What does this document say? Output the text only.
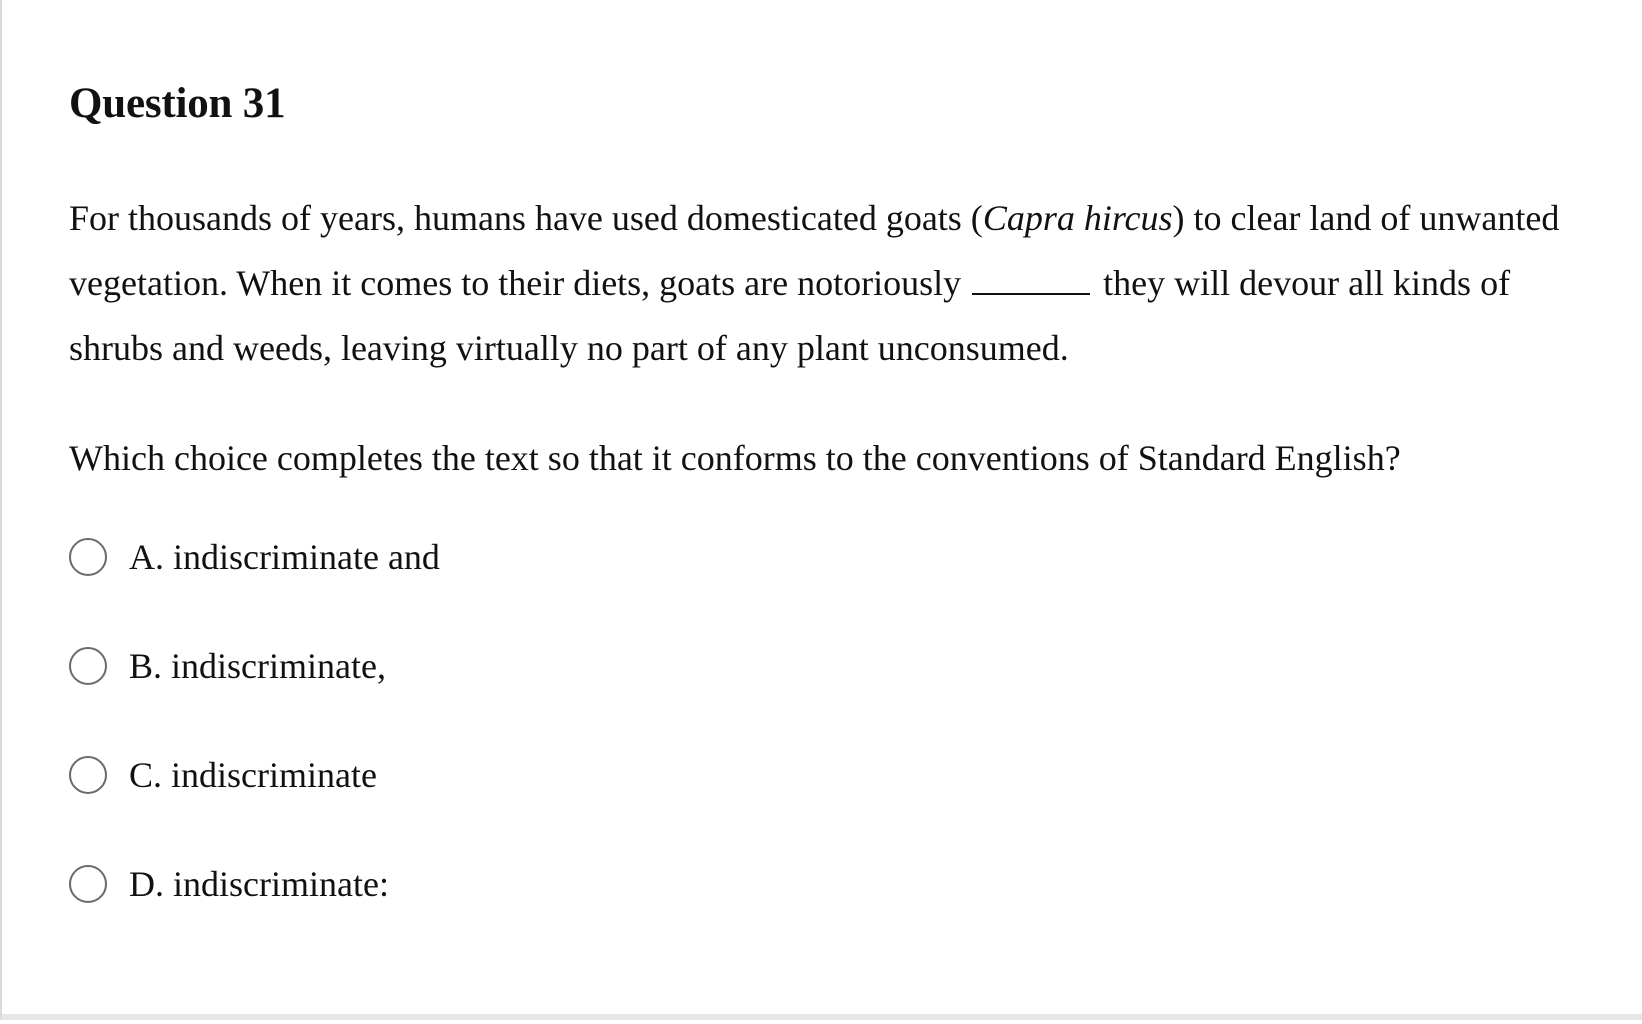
Question 31

For thousands of years, humans have used domesticated goats (Capra hircus) to clear land of unwanted vegetation. When it comes to their diets, goats are notoriously	they will devour all kinds of shrubs and weeds, leaving virtually no part of any plant unconsumed.

Which choice completes the text so that it conforms to the conventions of Standard English?

A. indiscriminate and
B. indiscriminate,
C. indiscriminate
D. indiscriminate:
